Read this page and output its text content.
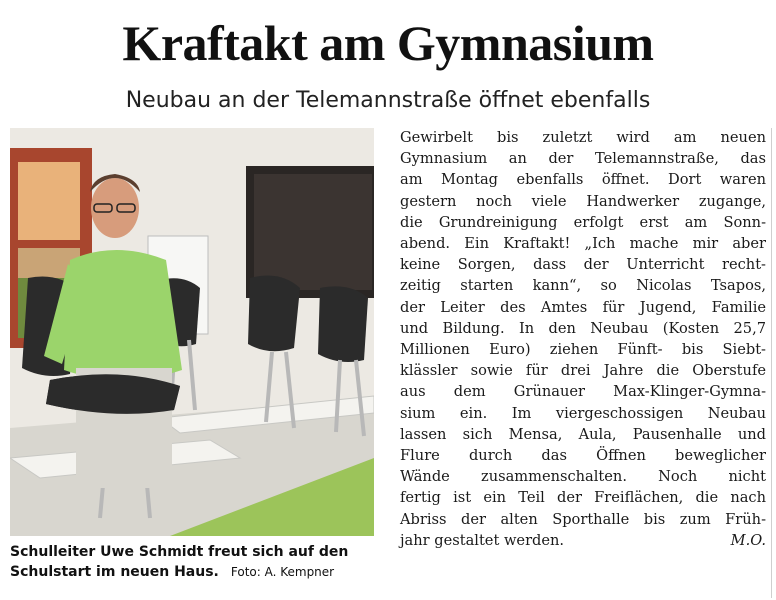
Kraftakt am Gymnasium
Neubau an der Telemannstraße öffnet ebenfalls
Schulleiter Uwe Schmidt freut sich auf den
Schulstart im neuen Haus. Foto: A. Kempner
Gewirbelt bis zuletzt wird am neuen
Gymnasium an der Telemannstraße, das
am Montag ebenfalls öffnet. Dort waren
gestern noch viele Handwerker zugange,
die Grundreinigung erfolgt erst am Sonn-
abend. Ein Kraftakt! „Ich mache mir aber
keine Sorgen, dass der Unterricht recht-
zeitig starten kann“, so Nicolas Tsapos,
der Leiter des Amtes für Jugend, Familie
und Bildung. In den Neubau (Kosten 25,7
Millionen Euro) ziehen Fünft- bis Siebt-
klässler sowie für drei Jahre die Oberstufe
aus dem Grünauer Max-Klinger-Gymna-
sium ein. Im viergeschossigen Neubau
lassen sich Mensa, Aula, Pausenhalle und
Flure durch das Öffnen beweglicher
Wände zusammenschalten. Noch nicht
fertig ist ein Teil der Freiflächen, die nach
Abriss der alten Sporthalle bis zum Früh-
jahr gestaltet werden.	M.O.
